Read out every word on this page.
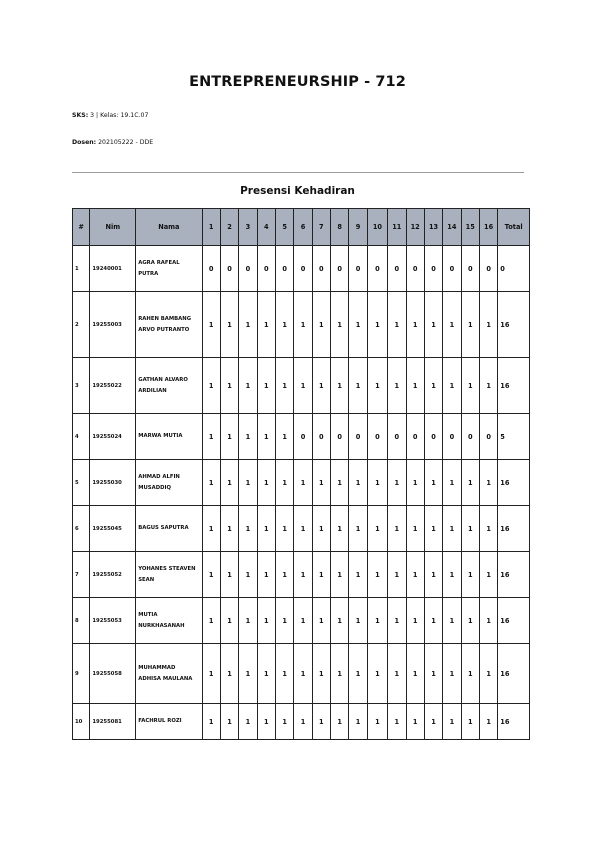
ENTREPRENEURSHIP - 712
SKS: 3 | Kelas: 19.1C.07
Dosen: 202105222 - DDE
Presensi Kehadiran
#	Nim	Nama	1	2	3	4	5	6	7	8	9	10	11	12	13	14	15	16	Total
1	19240001	AGRA RAFEAL PUTRA	0	0	0	0	0	0	0	0	0	0	0	0	0	0	0	0	0
2	19255003	RAHEN BAMBANG ARVO PUTRANTO	1	1	1	1	1	1	1	1	1	1	1	1	1	1	1	1	16
3	19255022	GATHAN ALVARO ARDILIAN	1	1	1	1	1	1	1	1	1	1	1	1	1	1	1	1	16
4	19255024	MARWA MUTIA	1	1	1	1	1	0	0	0	0	0	0	0	0	0	0	0	5
5	19255030	AHMAD ALFIN MUSADDIQ	1	1	1	1	1	1	1	1	1	1	1	1	1	1	1	1	16
6	19255045	BAGUS SAPUTRA	1	1	1	1	1	1	1	1	1	1	1	1	1	1	1	1	16
7	19255052	YOHANES STEAVEN SEAN	1	1	1	1	1	1	1	1	1	1	1	1	1	1	1	1	16
8	19255053	MUTIA NURKHASANAH	1	1	1	1	1	1	1	1	1	1	1	1	1	1	1	1	16
9	19255058	MUHAMMAD ADHISA MAULANA	1	1	1	1	1	1	1	1	1	1	1	1	1	1	1	1	16
10	19255081	FACHRUL ROZI	1	1	1	1	1	1	1	1	1	1	1	1	1	1	1	1	16
